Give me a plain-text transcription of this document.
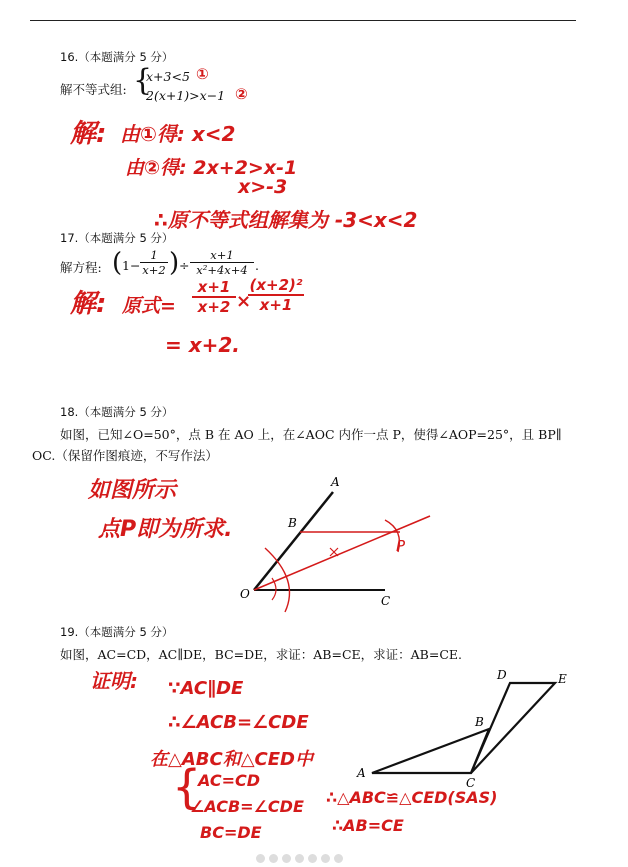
16.（本题满分 5 分）
解不等式组: {
x+3<5
2(x+1)>x−1
①
②
解: 由①得: x<2
由②得: 2x+2>x-1
x>-3
∴原不等式组解集为 -3<x<2
17.（本题满分 5 分）
解方程: ( $1- \frac{1}{x+2}$ ) ÷ $\frac{x+1}{\text{x²+4x+4}}$ .
解: 原式= $\frac{x+1}{x+2}$ ×
$\frac{\text{(x+2)²}}{x+1}$
= x+2.
18.（本题满分 5 分）
如图，已知∠O=50°，点 B 在 AO 上，在∠AOC 内作一点 P，使得∠AOP=25°，且 BP∥
OC.（保留作图痕迹，不写作法）
如图所示
点P即为所求.
19.（本题满分 5 分）
如图，AC=CD，AC∥DE，BC=DE，求证：AB=CE，求证：AB=CE.
证明: ∵AC∥DE
∴∠ACB=∠CDE
在△ABC和△CED中
{
AC=CD
∠ACB=∠CDE
BC=DE
∴△ABC≌△CED(SAS)
∴AB=CE
A
B
O	C
P
A
B
C
D	E
